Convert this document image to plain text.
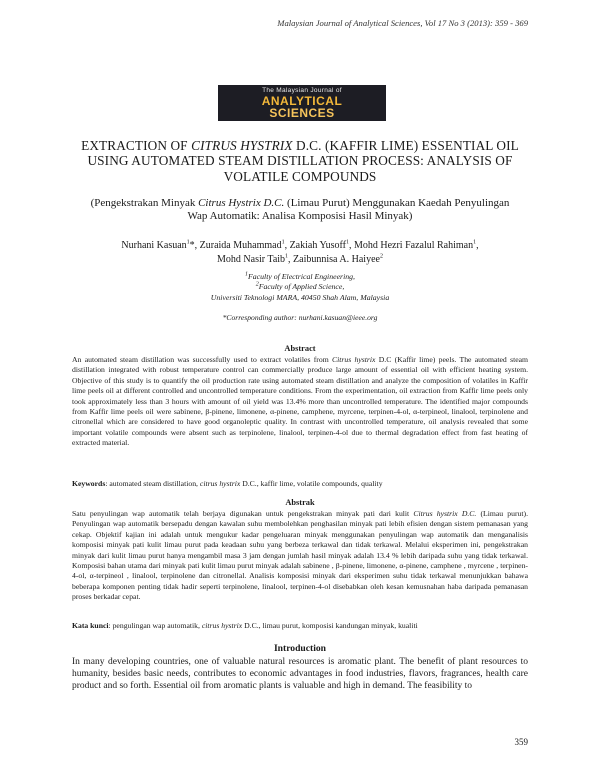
Malaysian Journal of Analytical Sciences, Vol 17 No 3 (2013): 359 - 369
The Malaysian Journal of
ANALYTICAL
SCIENCES
EXTRACTION OF CITRUS HYSTRIX D.C. (KAFFIR LIME) ESSENTIAL OIL
USING AUTOMATED STEAM DISTILLATION PROCESS: ANALYSIS OF
VOLATILE COMPOUNDS
(Pengekstrakan Minyak Citrus Hystrix D.C. (Limau Purut) Menggunakan Kaedah Penyulingan
Wap Automatik: Analisa Komposisi Hasil Minyak)
Nurhani Kasuan$^1$*, Zuraida Muhammad$^1$, Zakiah Yusoff$^1$, Mohd Hezri Fazalul Rahiman$^1$,
Mohd Nasir Taib$^1$, Zaibunnisa A. Haiyee$^2$
$^1$Faculty of Electrical Engineering,
$^2$Faculty of Applied Science,
Universiti Teknologi MARA, 40450 Shah Alam, Malaysia
*Corresponding author: nurhani.kasuan@ieee.org
Abstract
An automated steam distillation was successfully used to extract volatiles from Citrus hystrix D.C (Kaffir lime) peels. The automated steam distillation integrated with robust temperature control can commercially produce large amount of essential oil with efficient heating system. Objective of this study is to quantify the oil production rate using automated steam distillation and analyze the composition of volatiles in Kaffir lime peels oil at different controlled and uncontrolled temperature conditions. From the experimentation, oil extraction from Kaffir lime peels only took approximately less than 3 hours with amount of oil yield was 13.4% more than uncontrolled temperature. The identified major compounds from Kaffir lime peels oil were sabinene, β-pinene, limonene, α-pinene, camphene, myrcene, terpinen-4-ol, α-terpineol, linalool, terpinolene and citronellal which are considered to have good organoleptic quality. In contrast with uncontrolled temperature, oil analysis revealed that some important volatile compounds were absent such as terpinolene, linalool, terpinen-4-ol due to thermal degradation effect from fast heating of extracted material.
Keywords: automated steam distillation, citrus hystrix D.C., kaffir lime, volatile compounds, quality
Abstrak
Satu penyulingan wap automatik telah berjaya digunakan untuk pengekstrakan minyak pati dari kulit Citrus hystrix D.C. (Limau purut). Penyulingan wap automatik bersepadu dengan kawalan suhu membolehkan penghasilan minyak pati lebih efisien dengan sistem pemanasan yang cekap. Objektif kajian ini adalah untuk mengukur kadar pengeluaran minyak menggunakan penyulingan wap automatik dan menganalisis komposisi minyak pati kulit limau purut pada keadaan suhu yang berbeza terkawal dan tidak terkawal. Melalui eksperimen ini, pengekstrakan minyak dari kulit limau purut hanya mengambil masa 3 jam dengan jumlah hasil minyak adalah 13.4 % lebih daripada suhu yang tidak terkawal. Komposisi bahan utama dari minyak pati kulit limau purut minyak adalah sabinene , β-pinene, limonene, α-pinene, camphene , myrcene , terpinen-4-ol, α-terpineol , linalool, terpinolene dan citronellal. Analisis komposisi minyak dari eksperimen suhu tidak terkawal menunjukkan bahawa beberapa komponen penting tidak hadir seperti terpinolene, linalool, terpinen-4-ol disebabkan oleh kesan kemusnahan haba daripada pemanasan proses berkadar cepat.
Kata kunci: pengulingan wap automatik, citrus hystrix D.C., limau purut, komposisi kandungan minyak, kualiti
Introduction
In many developing countries, one of valuable natural resources is aromatic plant. The benefit of plant resources to humanity, besides basic needs, contributes to economic advantages in food industries, flavors, fragrances, health care product and so forth. Essential oil from aromatic plants is valuable and high in demand. The feasibility to
359
